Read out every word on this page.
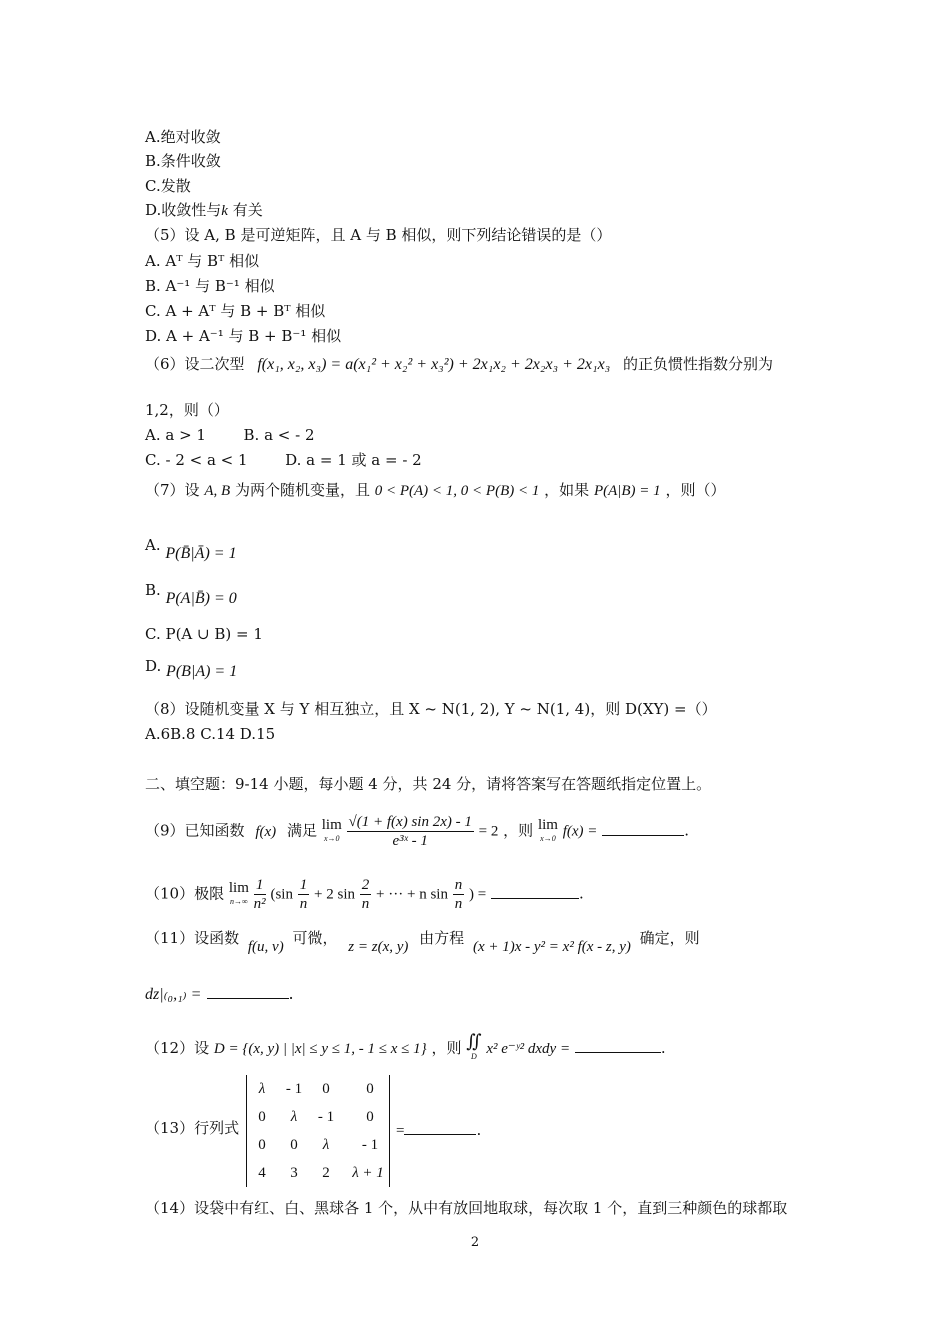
A.绝对收敛
B.条件收敛
C.发散
D.收敛性与k 有关
（5）设 A, B 是可逆矩阵，且 A 与 B 相似，则下列结论错误的是（）
A. Aᵀ 与 Bᵀ 相似
B. A⁻¹ 与 B⁻¹ 相似
C. A + Aᵀ 与 B + Bᵀ 相似
D. A + A⁻¹ 与 B + B⁻¹ 相似
（6）设二次型 f(x₁, x₂, x₃) = a(x₁² + x₂² + x₃²) + 2x₁x₂ + 2x₂x₃ + 2x₁x₃ 的正负惯性指数分别为
1,2，则（）
A. a > 1	B. a < - 2
C. - 2 < a < 1	D. a = 1 或 a = - 2
（7）设 A, B 为两个随机变量，且 0 < P(A) < 1, 0 < P(B) < 1 ，如果 P(A|B) = 1 ，则（）
A. P(B̄|Ā) = 1
B. P(A|B̄) = 0
C. P(A ∪ B) = 1
D. P(B|A) = 1
（8）设随机变量 X 与 Y 相互独立，且 X ~ N(1, 2), Y ~ N(1, 4)，则 D(XY) =（）
A.6B.8 C.14 D.15
二、填空题：9-14 小题，每小题 4 分，共 24 分，请将答案写在答题纸指定位置上。
（9）已知函数 f(x) 满足 lim
x→0
$\frac{√(1 + f(x) \sin 2x) - 1}{\text{e³ˣ - 1}} = 2$ ，则 lim
x→0 f(x) =	.
（10）极限 lim
n→∞
$\frac{1}{\text{n²}} (\sin \frac{1}{n} + 2$ $\sin \frac{2}{n}$ + ··· + n $\sin \frac{n}{n}$ ) =	.
（11）设函数 f(u, v) 可微， z = z(x, y) 由方程 (x + 1)x - y² = x² f(x - z, y) 确定，则
dz|₍₀,₁₎ =	.
（12）设 D = {(x, y) | |x| ≤ y ≤ 1, - 1 ≤ x ≤ 1} ，则 ∬
D x² e⁻ʸ² dxdy =	.
（13）行列式
λ	- 1	0	0
0	λ	- 1	0
0	0	λ	- 1
4	3	2	λ + 1
=	.
（14）设袋中有红、白、黑球各 1 个，从中有放回地取球，每次取 1 个，直到三种颜色的球都取
2
